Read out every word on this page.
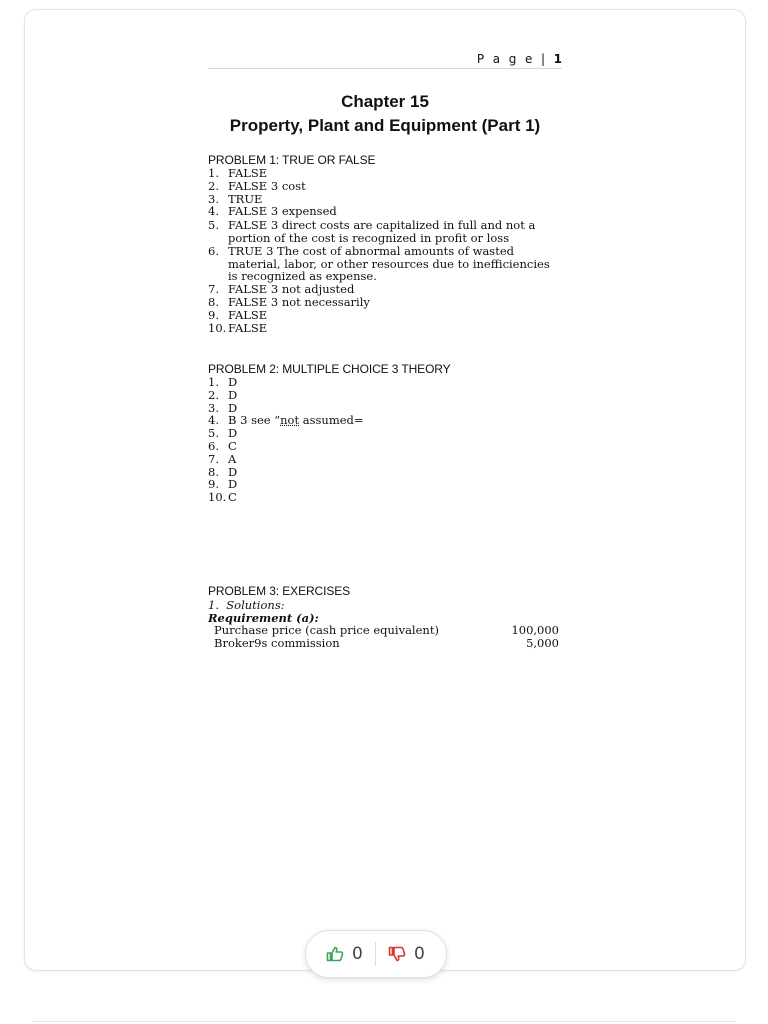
P a g e | 1
Chapter 15
Property, Plant and Equipment (Part 1)
PROBLEM 1: TRUE OR FALSE
1. FALSE
2. FALSE 3 cost
3. TRUE
4. FALSE 3 expensed
5. FALSE 3 direct costs are capitalized in full and not a portion of the cost is recognized in profit or loss
6. TRUE 3 The cost of abnormal amounts of wasted material, labor, or other resources due to inefficiencies is recognized as expense.
7. FALSE 3 not adjusted
8. FALSE 3 not necessarily
9. FALSE
10. FALSE
PROBLEM 2: MULTIPLE CHOICE 3 THEORY
1. D
2. D
3. D
4. B 3 see “not assumed=
5. D
6. C
7. A
8. D
9. D
10. C
PROBLEM 3: EXERCISES
1. Solutions:
Requirement (a):
Purchase price (cash price equivalent)	100,000
Broker9s commission	5,000
0	0
